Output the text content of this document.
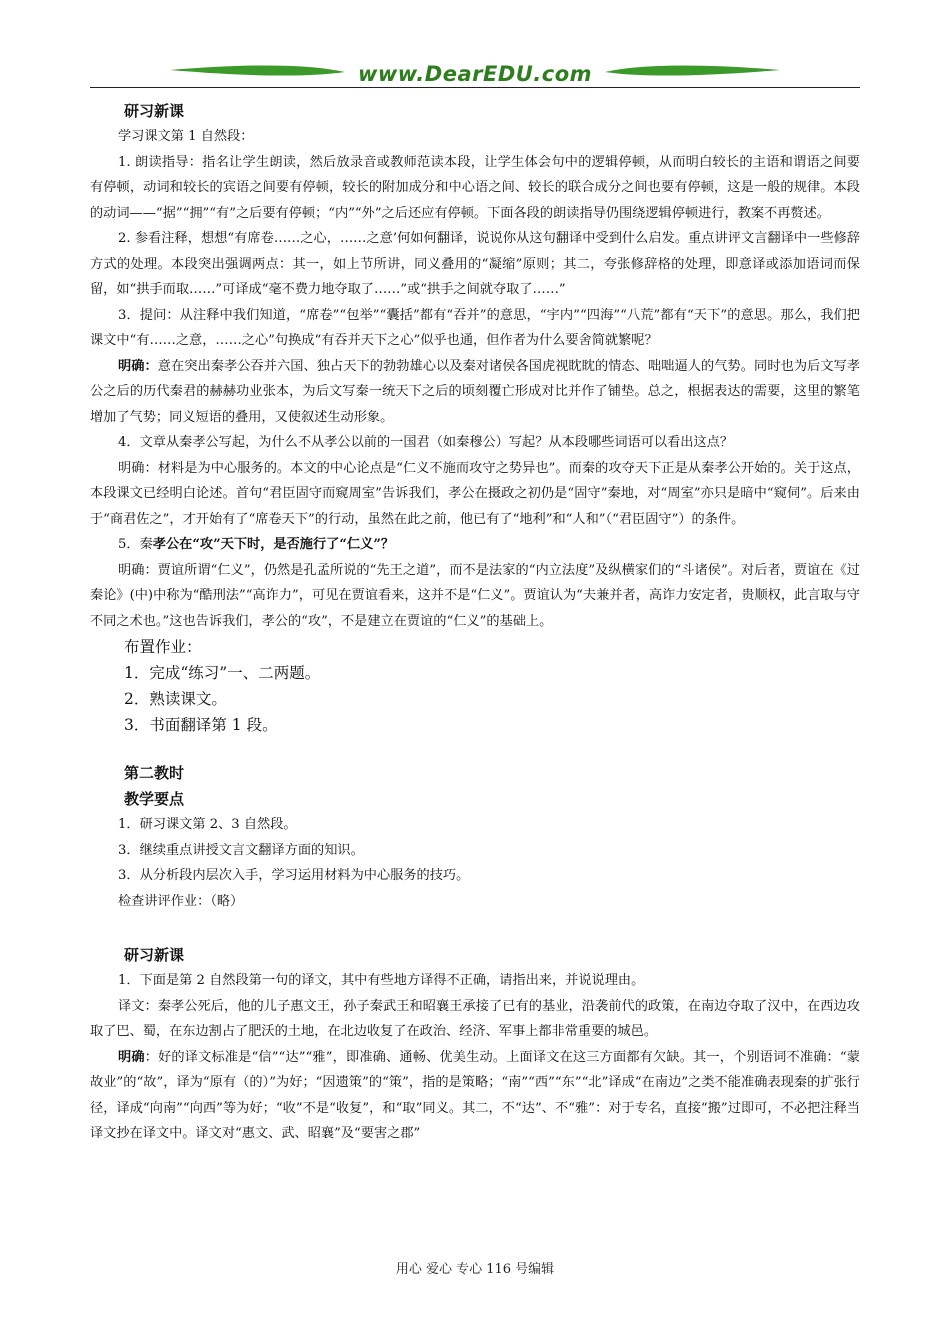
www.DearEDU.com

研习新课

学习课文第 1 自然段：

1. 朗读指导：指名让学生朗读，然后放录音或教师范读本段，让学生体会句中的逻辑停顿，从而明白较长的主语和谓语之间要有停顿，动词和较长的宾语之间要有停顿，较长的附加成分和中心语之间、较长的联合成分之间也要有停顿，这是一般的规律。本段的动词——“据”“拥”“有”之后要有停顿；“内”“外”之后还应有停顿。下面各段的朗读指导仍围绕逻辑停顿进行，教案不再赘述。

2. 参看注释，想想“有席卷……之心，……之意’何如何翻译，说说你从这句翻译中受到什么启发。重点讲评文言翻译中一些修辞方式的处理。本段突出强调两点：其一，如上节所讲，同义叠用的“凝缩”原则；其二，夸张修辞格的处理，即意译或添加语词而保留，如“拱手而取……”可译成“毫不费力地夺取了……”或“拱手之间就夺取了……”

3．提问：从注释中我们知道，“席卷”“包举”“囊括”都有“吞并”的意思，“宇内”“四海”“八荒”都有“天下”的意思。那么，我们把课文中“有……之意，……之心”句换成“有吞并天下之心”似乎也通，但作者为什么要舍简就繁呢？

明确：意在突出秦孝公吞并六国、独占天下的勃勃雄心以及秦对诸侯各国虎视眈眈的情态、咄咄逼人的气势。同时也为后文写孝公之后的历代秦君的赫赫功业张本，为后文写秦一统天下之后的顷刻覆亡形成对比并作了铺垫。总之，根据表达的需要，这里的繁笔增加了气势；同义短语的叠用，又使叙述生动形象。

4．文章从秦孝公写起，为什么不从孝公以前的一国君（如秦穆公）写起？从本段哪些词语可以看出这点？

明确：材料是为中心服务的。本文的中心论点是“仁义不施而攻守之势异也”。而秦的攻夺天下正是从秦孝公开始的。关于这点，本段课文已经明白论述。首句“君臣固守而窥周室”告诉我们，孝公在摄政之初仍是“固守”秦地，对“周室”亦只是暗中“窥伺”。后来由于“商君佐之”，才开始有了“席卷天下”的行动，虽然在此之前，他已有了“地利”和“人和”（“君臣固守”）的条件。

5．秦孝公在“攻”天下时，是否施行了“仁义”？

明确：贾谊所谓“仁义”，仍然是孔孟所说的“先王之道”，而不是法家的“内立法度”及纵横家们的“斗诸侯”。对后者，贾谊在《过秦论》(中)中称为“酷刑法”“高诈力”，可见在贾谊看来，这并不是“仁义”。贾谊认为“夫兼并者，高诈力安定者，贵顺权，此言取与守不同之术也。”这也告诉我们，孝公的“攻”，不是建立在贾谊的“仁义”的基础上。

布置作业：

1．完成“练习”一、二两题。

2．熟读课文。

3．书面翻译第 1 段。

第二教时

教学要点

1．研习课文第 2、3 自然段。

3．继续重点讲授文言文翻译方面的知识。

3．从分析段内层次入手，学习运用材料为中心服务的技巧。

检查讲评作业：（略）

研习新课

1．下面是第 2 自然段第一句的译文，其中有些地方译得不正确，请指出来，并说说理由。

译文：秦孝公死后，他的儿子惠文王，孙子秦武王和昭襄王承接了已有的基业，沿袭前代的政策，在南边夺取了汉中，在西边攻取了巴、蜀，在东边割占了肥沃的土地，在北边收复了在政治、经济、军事上都非常重要的城邑。

明确：好的译文标准是“信”“达”“雅”，即准确、通畅、优美生动。上面译文在这三方面都有欠缺。其一，个别语词不准确：“蒙故业”的“故”，译为“原有（的）”为好；“因遗策”的“策”，指的是策略；“南”“西”“东”“北”译成“在南边”之类不能准确表现秦的扩张行径，译成“向南”“向西”等为好；“收”不是“收复”，和“取”同义。其二，不“达”、不“雅”：对于专名，直接“搬”过即可，不必把注释当译文抄在译文中。译文对“惠文、武、昭襄”及“要害之郡”

用心 爱心 专心 116 号编辑
